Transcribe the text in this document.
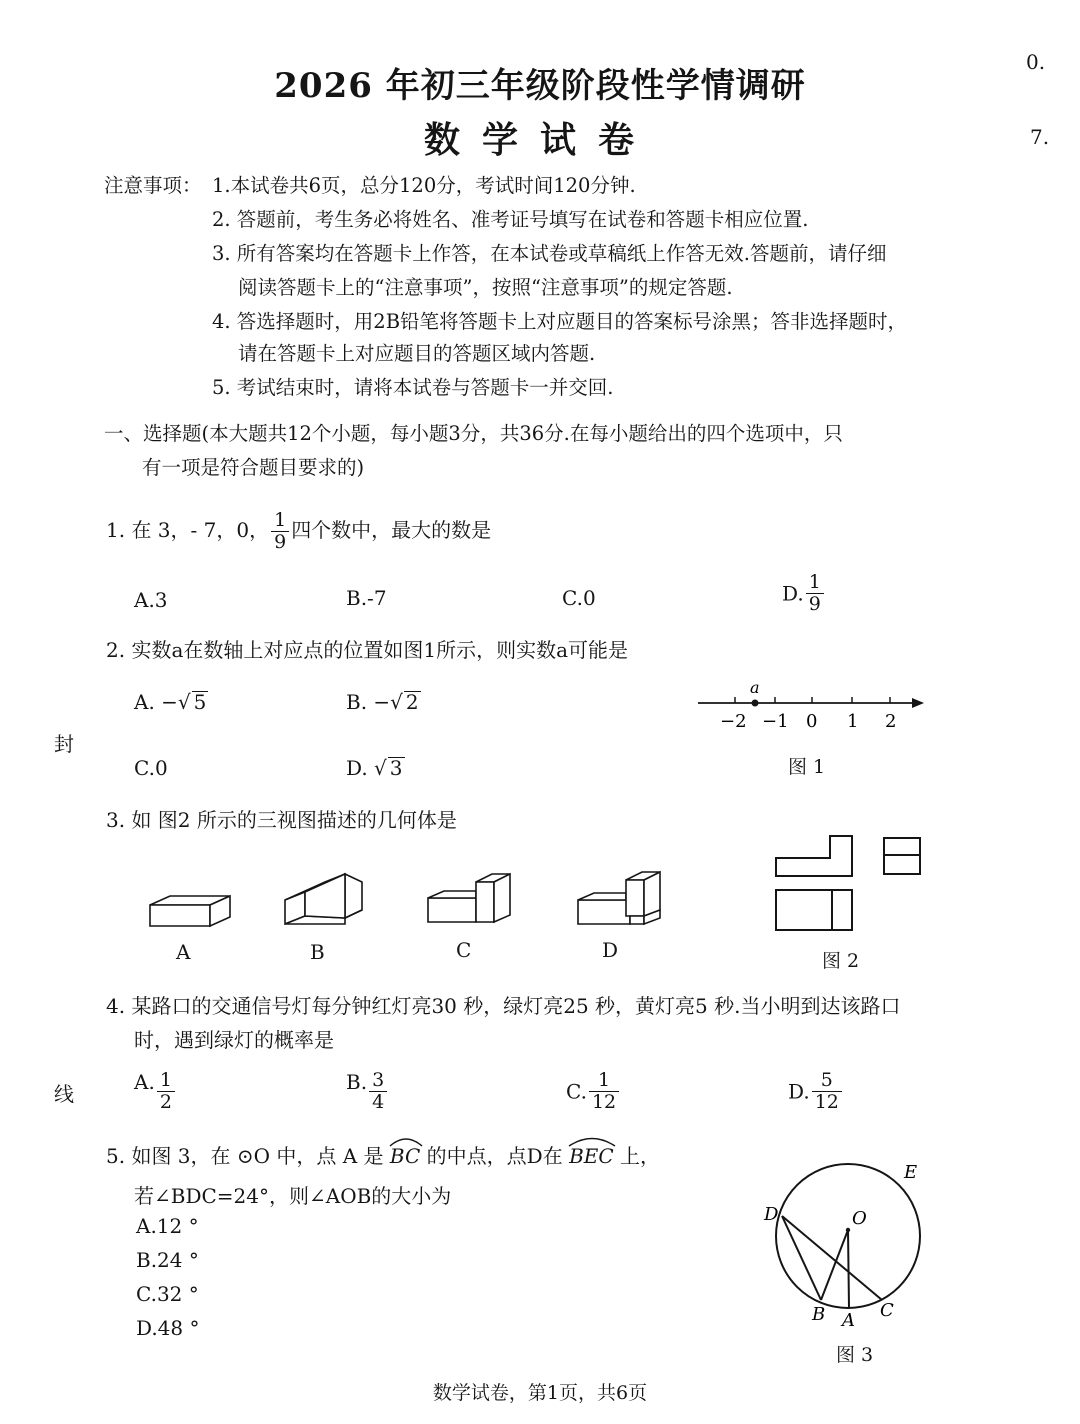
2026 年初三年级阶段性学情调研
数学试卷
0.
7.
注意事项： 1.本试卷共6页，总分120分，考试时间120分钟.
2. 答题前，考生务必将姓名、准考证号填写在试卷和答题卡相应位置.
3. 所有答案均在答题卡上作答，在本试卷或草稿纸上作答无效.答题前，请仔细
阅读答题卡上的“注意事项”，按照“注意事项”的规定答题.
4. 答选择题时，用2B铅笔将答题卡上对应题目的答案标号涂黑；答非选择题时，
请在答题卡上对应题目的答题区域内答题.
5. 考试结束时，请将本试卷与答题卡一并交回.
一、选择题(本大题共12个小题，每小题3分，共36分.在每小题给出的四个选项中，只
有一项是符合题目要求的)
封
线
1. 在 3，- 7，0， $\frac{1}{9}$ 四个数中，最大的数是
A.3	B.-7	C.0	D. $\frac{1}{9}$
2. 实数a在数轴上对应点的位置如图1所示，则实数a可能是
A. −√ 5	B. −√ 2
C.0	D. √ 3
a
−2 −1 0 1 2
图 1
3. 如 图2 所示的三视图描述的几何体是
A	B	C	D	图 2
4. 某路口的交通信号灯每分钟红灯亮30 秒，绿灯亮25 秒，黄灯亮5 秒.当小明到达该路口
时，遇到绿灯的概率是
A. $\frac{1}{2}$	B. $\frac{3}{4}$	C. $\frac{1}{12}$	D. $\frac{5}{12}$
5. 如图 3，在 ⊙O 中，点 A 是 BC 的中点，点D在 BEC 上，
若∠BDC=24°，则∠AOB的大小为
A.12 °
B.24 °
C.32 °
D.48 °
D	O
E
B A C
图 3
数学试卷，第1页，共6页
